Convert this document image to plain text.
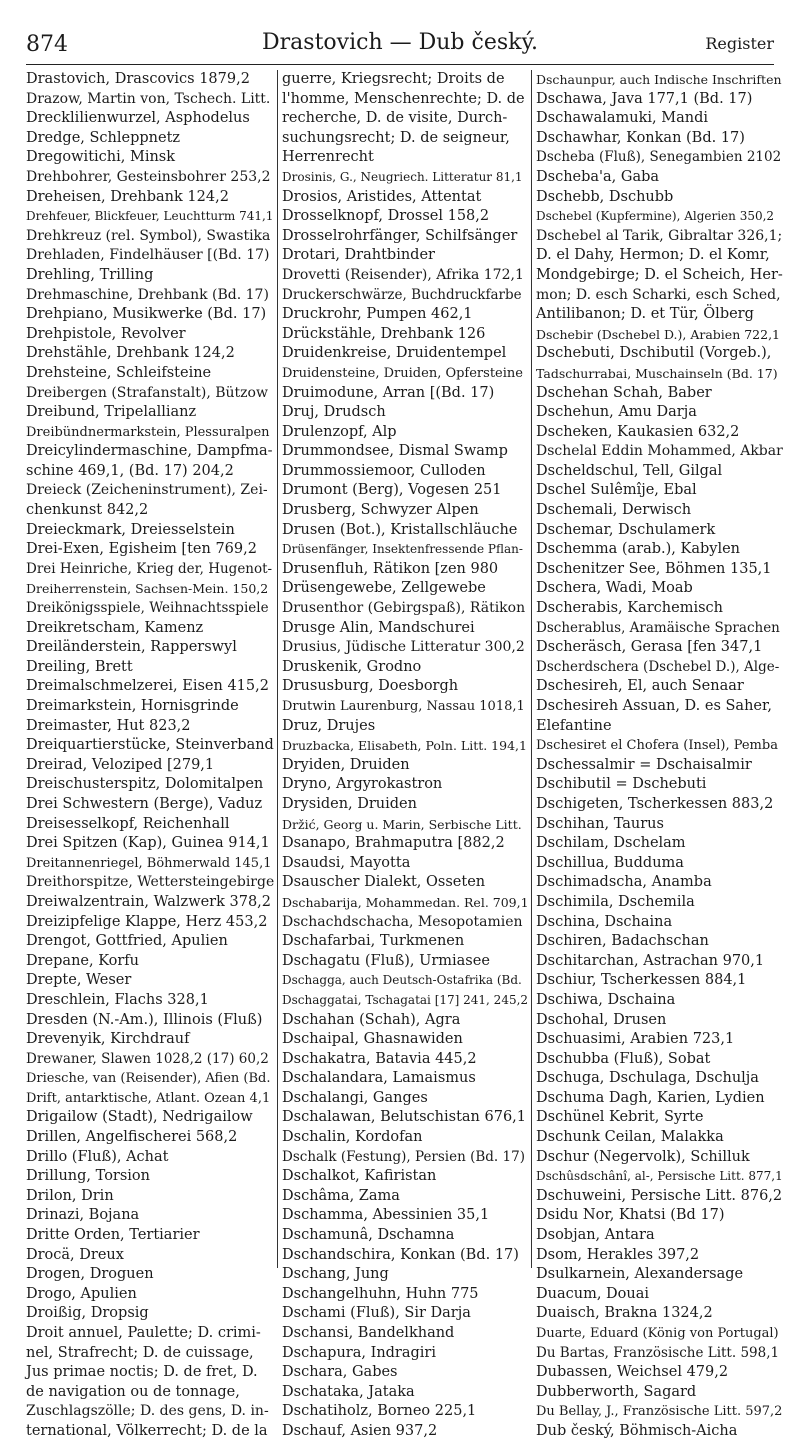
874	Drastovich — Dub český.	Register
Drastovich, Drascovics 1879,2
Drazow, Martin von, Tschech. Litt.
Drecklilienwurzel, Asphodelus
Dredge, Schleppnetz
Dregowitichi, Minsk
Drehbohrer, Gesteinsbohrer 253,2
Dreheisen, Drehbank 124,2
Drehfeuer, Blickfeuer, Leuchtturm 741,1
Drehkreuz (rel. Symbol), Swastika
Drehladen, Findelhäuser [(Bd. 17)
Drehling, Trilling
Drehmaschine, Drehbank (Bd. 17)
Drehpiano, Musikwerke (Bd. 17)
Drehpistole, Revolver
Drehstähle, Drehbank 124,2
Drehsteine, Schleifsteine
Dreibergen (Strafanstalt), Bützow
Dreibund, Tripelallianz
Dreibündnermarkstein, Plessuralpen
Dreicylindermaschine, Dampfma-
schine 469,1, (Bd. 17) 204,2
Dreieck (Zeicheninstrument), Zei-
chenkunst 842,2
Dreieckmark, Dreiesselstein
Drei-Exen, Egisheim [ten 769,2
Drei Heinriche, Krieg der, Hugenot-
Dreiherrenstein, Sachsen-Mein. 150,2
Dreikönigsspiele, Weihnachtsspiele
Dreikretscham, Kamenz
Dreiländerstein, Rapperswyl
Dreiling, Brett
Dreimalschmelzerei, Eisen 415,2
Dreimarkstein, Hornisgrinde
Dreimaster, Hut 823,2
Dreiquartierstücke, Steinverband
Dreirad, Veloziped [279,1
Dreischusterspitz, Dolomitalpen
Drei Schwestern (Berge), Vaduz
Dreisesselkopf, Reichenhall
Drei Spitzen (Kap), Guinea 914,1
Dreitannenriegel, Böhmerwald 145,1
Dreithorspitze, Wettersteingebirge
Dreiwalzentrain, Walzwerk 378,2
Dreizipfelige Klappe, Herz 453,2
Drengot, Gottfried, Apulien
Drepane, Korfu
Drepte, Weser
Dreschlein, Flachs 328,1
Dresden (N.-Am.), Illinois (Fluß)
Drevenyik, Kirchdrauf
Drewaner, Slawen 1028,2 (17) 60,2
Driesche, van (Reisender), Afien (Bd.
Drift, antarktische, Atlant. Ozean 4,1
Drigailow (Stadt), Nedrigailow
Drillen, Angelfischerei 568,2
Drillo (Fluß), Achat
Drillung, Torsion
Drilon, Drin
Drinazi, Bojana
Dritte Orden, Tertiarier
Drocä, Dreux
Drogen, Droguen
Drogo, Apulien
Droißig, Dropsig
Droit annuel, Paulette; D. crimi-
nel, Strafrecht; D. de cuissage,
Jus primae noctis; D. de fret, D.
de navigation ou de tonnage,
Zuschlagszölle; D. des gens, D. in-
ternational, Völkerrecht; D. de la
guerre, Kriegsrecht; Droits de
l'homme, Menschenrechte; D. de
recherche, D. de visite, Durch-
suchungsrecht; D. de seigneur,
Herrenrecht
Drosinis, G., Neugriech. Litteratur 81,1
Drosios, Aristides, Attentat
Drosselknopf, Drossel 158,2
Drosselrohrfänger, Schilfsänger
Drotari, Drahtbinder
Drovetti (Reisender), Afrika 172,1
Druckerschwärze, Buchdruckfarbe
Druckrohr, Pumpen 462,1
Drückstähle, Drehbank 126
Druidenkreise, Druidentempel
Druidensteine, Druiden, Opfersteine
Druimodune, Arran [(Bd. 17)
Druj, Drudsch
Drulenzopf, Alp
Drummondsee, Dismal Swamp
Drummossiemoor, Culloden
Drumont (Berg), Vogesen 251
Drusberg, Schwyzer Alpen
Drusen (Bot.), Kristallschläuche
Drüsenfänger, Insektenfressende Pflan-
Drusenfluh, Rätikon [zen 980
Drüsengewebe, Zellgewebe
Drusenthor (Gebirgspaß), Rätikon
Drusge Alin, Mandschurei
Drusius, Jüdische Litteratur 300,2
Druskenik, Grodno
Drususburg, Doesborgh
Drutwin Laurenburg, Nassau 1018,1
Druz, Drujes
Druzbacka, Elisabeth, Poln. Litt. 194,1
Dryiden, Druiden
Dryno, Argyrokastron
Drysiden, Druiden
Držić, Georg u. Marin, Serbische Litt.
Dsanapo, Brahmaputra [882,2
Dsaudsi, Mayotta
Dsauscher Dialekt, Osseten
Dschabarija, Mohammedan. Rel. 709,1
Dschachdschacha, Mesopotamien
Dschafarbai, Turkmenen
Dschagatu (Fluß), Urmiasee
Dschagga, auch Deutsch-Ostafrika (Bd.
Dschaggatai, Tschagatai [17] 241, 245,2
Dschahan (Schah), Agra
Dschaipal, Ghasnawiden
Dschakatra, Batavia 445,2
Dschalandara, Lamaismus
Dschalangi, Ganges
Dschalawan, Belutschistan 676,1
Dschalin, Kordofan
Dschalk (Festung), Persien (Bd. 17)
Dschalkot, Kafiristan
Dschâma, Zama
Dschamma, Abessinien 35,1
Dschamunâ, Dschamna
Dschandschira, Konkan (Bd. 17)
Dschang, Jung
Dschangelhuhn, Huhn 775
Dschami (Fluß), Sir Darja
Dschansi, Bandelkhand
Dschapura, Indragiri
Dschara, Gabes
Dschataka, Jataka
Dschatiholz, Borneo 225,1
Dschauf, Asien 937,2
Dschaunpur, auch Indische Inschriften
Dschawa, Java 177,1 (Bd. 17)
Dschawalamuki, Mandi
Dschawhar, Konkan (Bd. 17)
Dscheba (Fluß), Senegambien 2102
Dscheba'a, Gaba
Dschebb, Dschubb
Dschebel (Kupfermine), Algerien 350,2
Dschebel al Tarik, Gibraltar 326,1;
D. el Dahy, Hermon; D. el Komr,
Mondgebirge; D. el Scheich, Her-
mon; D. esch Scharki, esch Sched,
Antilibanon; D. et Tür, Ölberg
Dschebir (Dschebel D.), Arabien 722,1
Dschebuti, Dschibutil (Vorgeb.),
Tadschurrabai, Muschainseln (Bd. 17)
Dschehan Schah, Baber
Dschehun, Amu Darja
Dscheken, Kaukasien 632,2
Dschelal Eddin Mohammed, Akbar
Dscheldschul, Tell, Gilgal
Dschel Sulêmîje, Ebal
Dschemali, Derwisch
Dschemar, Dschulamerk
Dschemma (arab.), Kabylen
Dschenitzer See, Böhmen 135,1
Dschera, Wadi, Moab
Dscherabis, Karchemisch
Dscherablus, Aramäische Sprachen
Dscheräsch, Gerasa [fen 347,1
Dscherdschera (Dschebel D.), Alge-
Dschesireh, El, auch Senaar
Dschesireh Assuan, D. es Saher,
Elefantine
Dschesiret el Chofera (Insel), Pemba
Dschessalmir = Dschaisalmir
Dschibutil = Dschebuti
Dschigeten, Tscherkessen 883,2
Dschihan, Taurus
Dschilam, Dschelam
Dschillua, Budduma
Dschimadscha, Anamba
Dschimila, Dschemila
Dschina, Dschaina
Dschiren, Badachschan
Dschitarchan, Astrachan 970,1
Dschiur, Tscherkessen 884,1
Dschiwa, Dschaina
Dschohal, Drusen
Dschuasimi, Arabien 723,1
Dschubba (Fluß), Sobat
Dschuga, Dschulaga, Dschulja
Dschuma Dagh, Karien, Lydien
Dschünel Kebrit, Syrte
Dschunk Ceilan, Malakka
Dschur (Negervolk), Schilluk
Dschûsdschânî, al-, Persische Litt. 877,1
Dschuweini, Persische Litt. 876,2
Dsidu Nor, Khatsi (Bd 17)
Dsobjan, Antara
Dsom, Herakles 397,2
Dsulkarnein, Alexandersage
Duacum, Douai
Duaisch, Brakna 1324,2
Duarte, Eduard (König von Portugal)
Du Bartas, Französische Litt. 598,1
Dubassen, Weichsel 479,2
Dubberworth, Sagard
Du Bellay, J., Französische Litt. 597,2
Dub český, Böhmisch-Aicha
